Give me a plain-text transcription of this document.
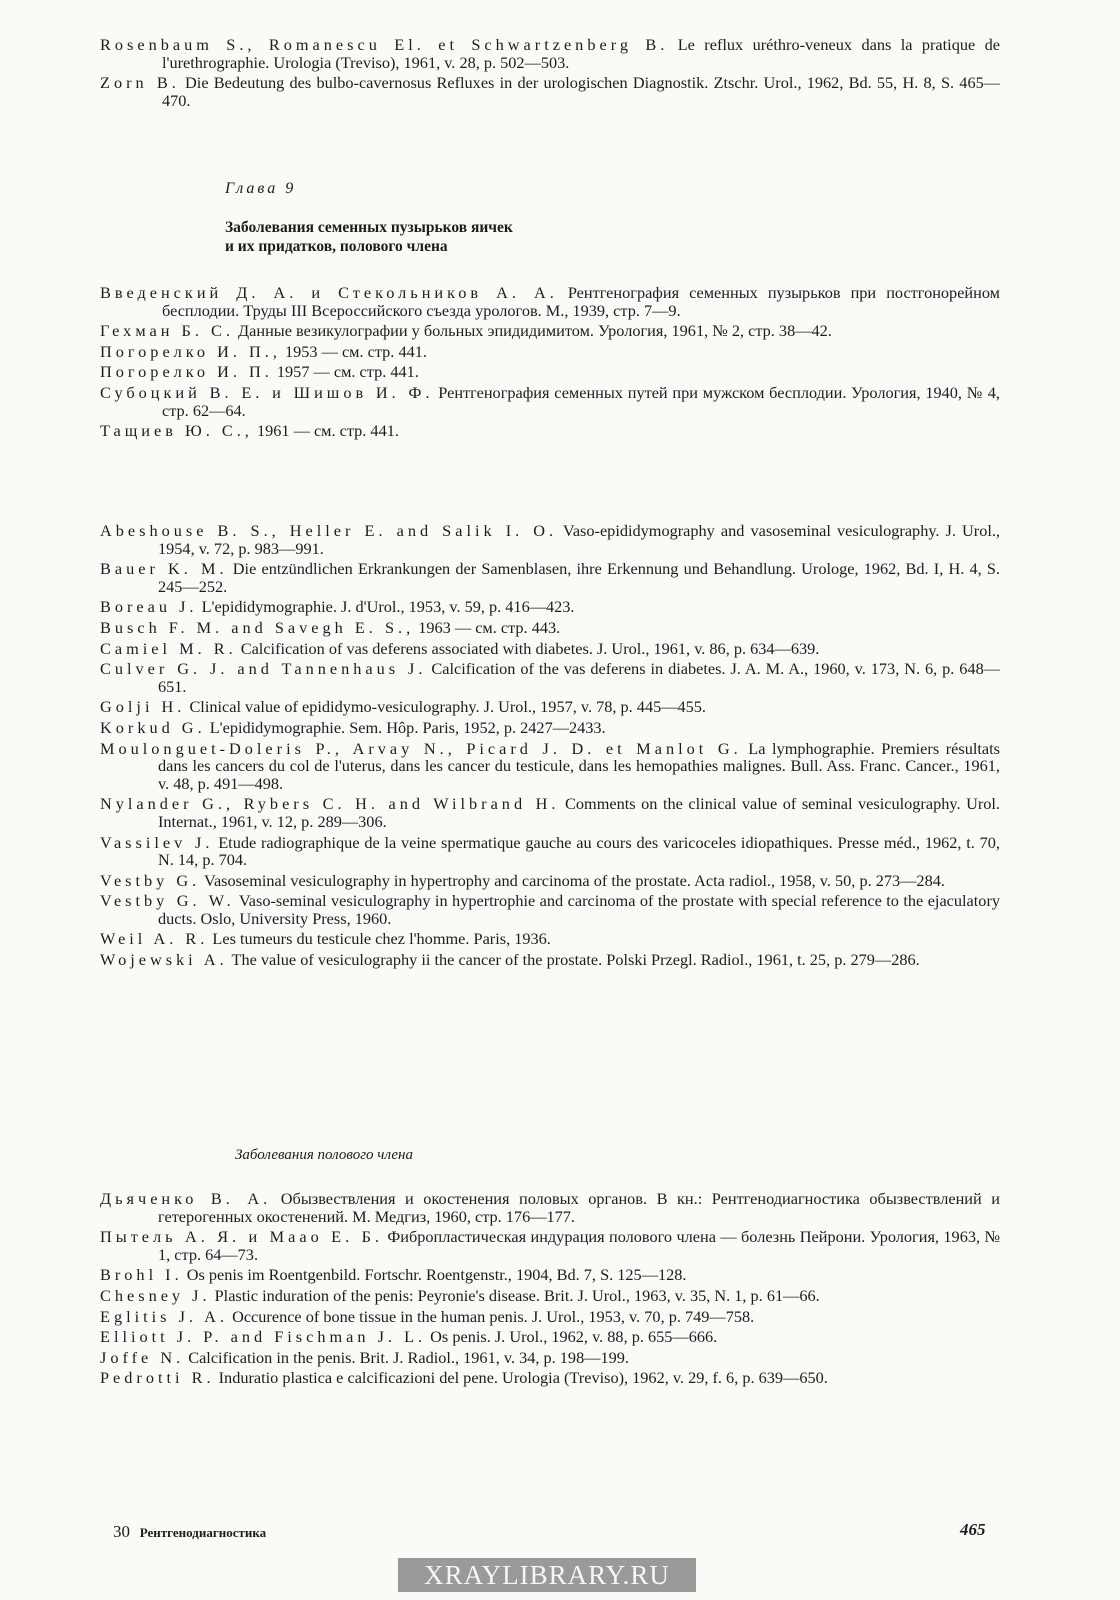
Rosenbaum S., Romanescu El. et Schwartzenberg B. Le reflux uréthro-veneux dans la pratique de l'urethrographie. Urologia (Treviso), 1961, v. 28, p. 502—503.

Zorn B. Die Bedeutung des bulbo-cavernosus Refluxes in der urologischen Diagnostik. Ztschr. Urol., 1962, Bd. 55, H. 8, S. 465—470.

Глава 9
Заболевания семенных пузырьков яичек
и их придатков, полового члена

Введенский Д. А. и Стекольников А. А. Рентгенография семенных пузырьков при постгонорейном бесплодии. Труды III Всероссийского съезда урологов. М., 1939, стр. 7—9.

Гехман Б. С. Данные везикулографии у больных эпидидимитом. Урология, 1961, № 2, стр. 38—42.

Погорелко И. П., 1953 — см. стр. 441.

Погорелко И. П. 1957 — см. стр. 441.

Субоцкий В. Е. и Шишов И. Ф. Рентгенография семенных путей при мужском бесплодии. Урология, 1940, № 4, стр. 62—64.

Тащиев Ю. С., 1961 — см. стр. 441.

Abeshouse B. S., Heller E. and Salik I. O. Vaso-epididymography and vasoseminal vesiculography. J. Urol., 1954, v. 72, p. 983—991.

Bauer K. M. Die entzündlichen Erkrankungen der Samenblasen, ihre Erkennung und Behandlung. Urologe, 1962, Bd. I, H. 4, S. 245—252.

Boreau J. L'epididymographie. J. d'Urol., 1953, v. 59, p. 416—423.

Busch F. M. and Savegh E. S., 1963 — см. стр. 443.

Camiel M. R. Calcification of vas deferens associated with diabetes. J. Urol., 1961, v. 86, p. 634—639.

Culver G. J. and Tannenhaus J. Calcification of the vas deferens in diabetes. J. A. M. A., 1960, v. 173, N. 6, p. 648—651.

Golji H. Clinical value of epididymo-vesiculography. J. Urol., 1957, v. 78, p. 445—455.

Korkud G. L'epididymographie. Sem. Hôp. Paris, 1952, p. 2427—2433.

Moulonguet-Doleris P., Arvay N., Picard J. D. et Manlot G. La lymphographie. Premiers résultats dans les cancers du col de l'uterus, dans les cancer du testicule, dans les hemopathies malignes. Bull. Ass. Franc. Cancer., 1961, v. 48, p. 491—498.

Nylander G., Rybers C. H. and Wilbrand H. Comments on the clinical value of seminal vesiculography. Urol. Internat., 1961, v. 12, p. 289—306.

Vassilev J. Etude radiographique de la veine spermatique gauche au cours des varicoceles idiopathiques. Presse méd., 1962, t. 70, N. 14, p. 704.

Vestby G. Vasoseminal vesiculography in hypertrophy and carcinoma of the prostate. Acta radiol., 1958, v. 50, p. 273—284.

Vestby G. W. Vaso-seminal vesiculography in hypertrophie and carcinoma of the prostate with special reference to the ejaculatory ducts. Oslo, University Press, 1960.

Weil A. R. Les tumeurs du testicule chez l'homme. Paris, 1936.

Wojewski A. The value of vesiculography ii the cancer of the prostate. Polski Przegl. Radiol., 1961, t. 25, p. 279—286.

Заболевания полового члена

Дьяченко В. А. Обызвествления и окостенения половых органов. В кн.: Рентгенодиагностика обызвествлений и гетерогенных окостенений. М. Медгиз, 1960, стр. 176—177.

Пытель А. Я. и Маао Е. Б. Фибропластическая индурация полового члена — болезнь Пейрони. Урология, 1963, № 1, стр. 64—73.

Brohl I. Os penis im Roentgenbild. Fortschr. Roentgenstr., 1904, Bd. 7, S. 125—128.

Chesney J. Plastic induration of the penis: Peyronie's disease. Brit. J. Urol., 1963, v. 35, N. 1, p. 61—66.

Eglitis J. A. Occurence of bone tissue in the human penis. J. Urol., 1953, v. 70, p. 749—758.

Elliott J. P. and Fischman J. L. Os penis. J. Urol., 1962, v. 88, p. 655—666.

Joffe N. Calcification in the penis. Brit. J. Radiol., 1961, v. 34, p. 198—199.

Pedrotti R. Induratio plastica e calcificazioni del pene. Urologia (Treviso), 1962, v. 29, f. 6, p. 639—650.

30 Рентгенодиагностика	465
XRAYLIBRARY.RU
